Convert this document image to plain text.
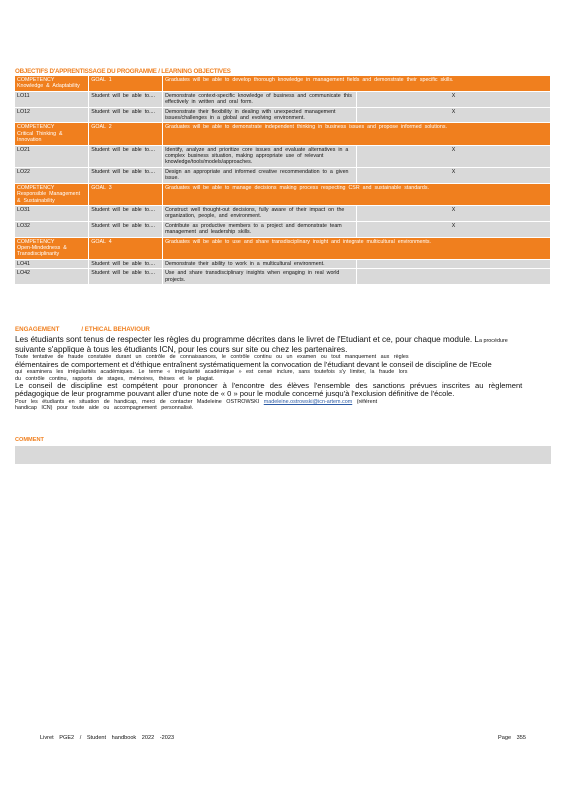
OBJECTIFS D'APPRENTISSAGE DU PROGRAMME / LEARNING OBJECTIVES
COMPETENCY
Knowledge & Adaptability	GOAL 1	Graduates will be able to develop thorough knowledge in management fields and demonstrate their specific skills.	
LO11	Student will be able to....	Demonstrate context-specific knowledge of business and communicate this effectively in written and oral form.	X
LO12	Student will be able to....	Demonstrate their flexibility in dealing with unexpected management issues/challenges in a global and evolving environment.	X

COMPETENCY
Critical Thinking & Innovation	GOAL 2	Graduates will be able to demonstrate independent thinking in business issues and propose informed solutions.	
LO21	Student will be able to....	Identify, analyze and prioritize core issues and evaluate alternatives in a complex business situation, making appropriate use of relevant knowledge/tools/models/approaches.	X
LO22	Student will be able to....	Design an appropriate and informed creative recommendation to a given issue.	X

COMPETENCY
Responsible Management & Sustainability	GOAL 3	Graduates will be able to manage decisions making process respecting CSR and sustainable standards.	
LO31	Student will be able to....	Construct well thought-out decisions, fully aware of their impact on the organization, people, and environment.	X
LO32	Student will be able to....	Contribute as productive members to a project and demonstrate team management and leadership skills.	X

COMPETENCY
Open-Mindedness & Transdisciplinarity	GOAL 4	Graduates will be able to use and share transdisciplinary insight and integrate multicultural environments.	
LO41	Student will be able to....	Demonstrate their ability to work in a multicultural environment.	
LO42	Student will be able to....	Use and share transdisciplinary insights when engaging in real world projects.	
ENGAGEMENT	/ ETHICAL BEHAVIOUR

Les étudiants sont tenus de respecter les règles du programme décrites dans le livret de l'Etudiant et ce, pour chaque module. La procédure

suivante s'applique à tous les étudiants ICN, pour les cours sur site ou chez les partenaires.

Toute tentative de fraude constatée durant un contrôle de connaissances, le contrôle continu ou un examen ou tout manquement aux règles

élémentaires de comportement et d'éthique entraînent systématiquement la convocation de l'étudiant devant le conseil de discipline de l'Ecole

qui examinera les irrégularités académiques. Le terme « irrégularité académique » est censé inclure, sans toutefois s'y limiter, la fraude lors

du contrôle continu, rapports de stages, mémoires, thèses et le plagiat.

Le conseil de discipline est compétent pour prononcer à l'encontre des élèves l'ensemble des sanctions prévues inscrites au règlement

pédagogique de leur programme pouvant aller d'une note de « 0 » pour le module concerné jusqu'à l'exclusion définitive de l'école.

Pour les étudiants en situation de handicap, merci de contacter Madeleine OSTROWSKI madeleine.ostrowski@icn-artem.com (référent

handicap ICN) pour toute aide ou accompagnement personnalisé.

COMMENT
Livret PGE2 / Student handbook 2022 -2023	Page 355
